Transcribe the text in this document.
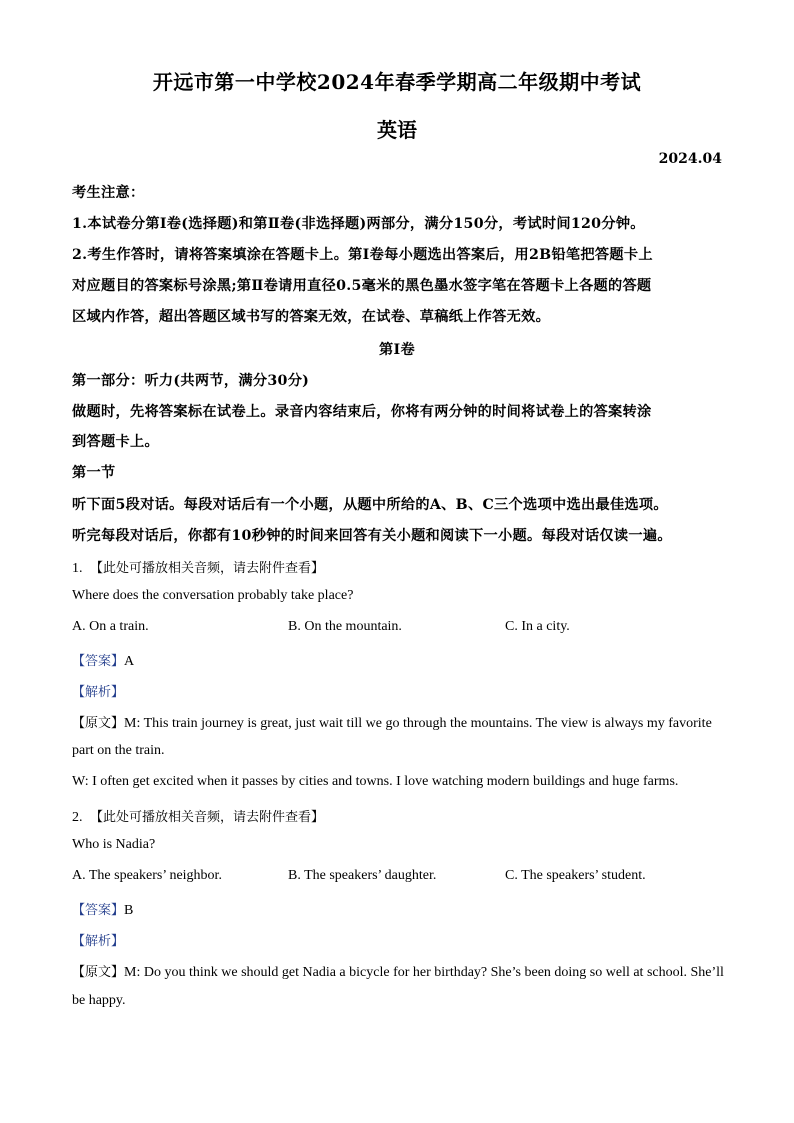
开远市第一中学校2024年春季学期高二年级期中考试
英语
2024.04
考生注意：
1.本试卷分第Ⅰ卷(选择题)和第Ⅱ卷(非选择题)两部分，满分150分，考试时间120分钟。
2.考生作答时，请将答案填涂在答题卡上。第Ⅰ卷每小题选出答案后，用2B铅笔把答题卡上
对应题目的答案标号涂黑;第Ⅱ卷请用直径0.5毫米的黑色墨水签字笔在答题卡上各题的答题
区域内作答，超出答题区域书写的答案无效，在试卷、草稿纸上作答无效。
第Ⅰ卷
第一部分：听力(共两节，满分30分)
做题时，先将答案标在试卷上。录音内容结束后，你将有两分钟的时间将试卷上的答案转涂
到答题卡上。
第一节
听下面5段对话。每段对话后有一个小题，从题中所给的A、B、C三个选项中选出最佳选项。
听完每段对话后，你都有10秒钟的时间来回答有关小题和阅读下一小题。每段对话仅读一遍。
1. 【此处可播放相关音频，请去附件查看】
Where does the conversation probably take place?
A. On a train.	B. On the mountain.	C. In a city.
【答案】A
【解析】
【原文】M: This train journey is great, just wait till we go through the mountains. The view is always my favorite
part on the train.
W: I often get excited when it passes by cities and towns. I love watching modern buildings and huge farms.
2. 【此处可播放相关音频，请去附件查看】
Who is Nadia?
A. The speakers’ neighbor.	B. The speakers’ daughter.	C. The speakers’ student.
【答案】B
【解析】
【原文】M: Do you think we should get Nadia a bicycle for her birthday? She’s been doing so well at school. She’ll
be happy.
